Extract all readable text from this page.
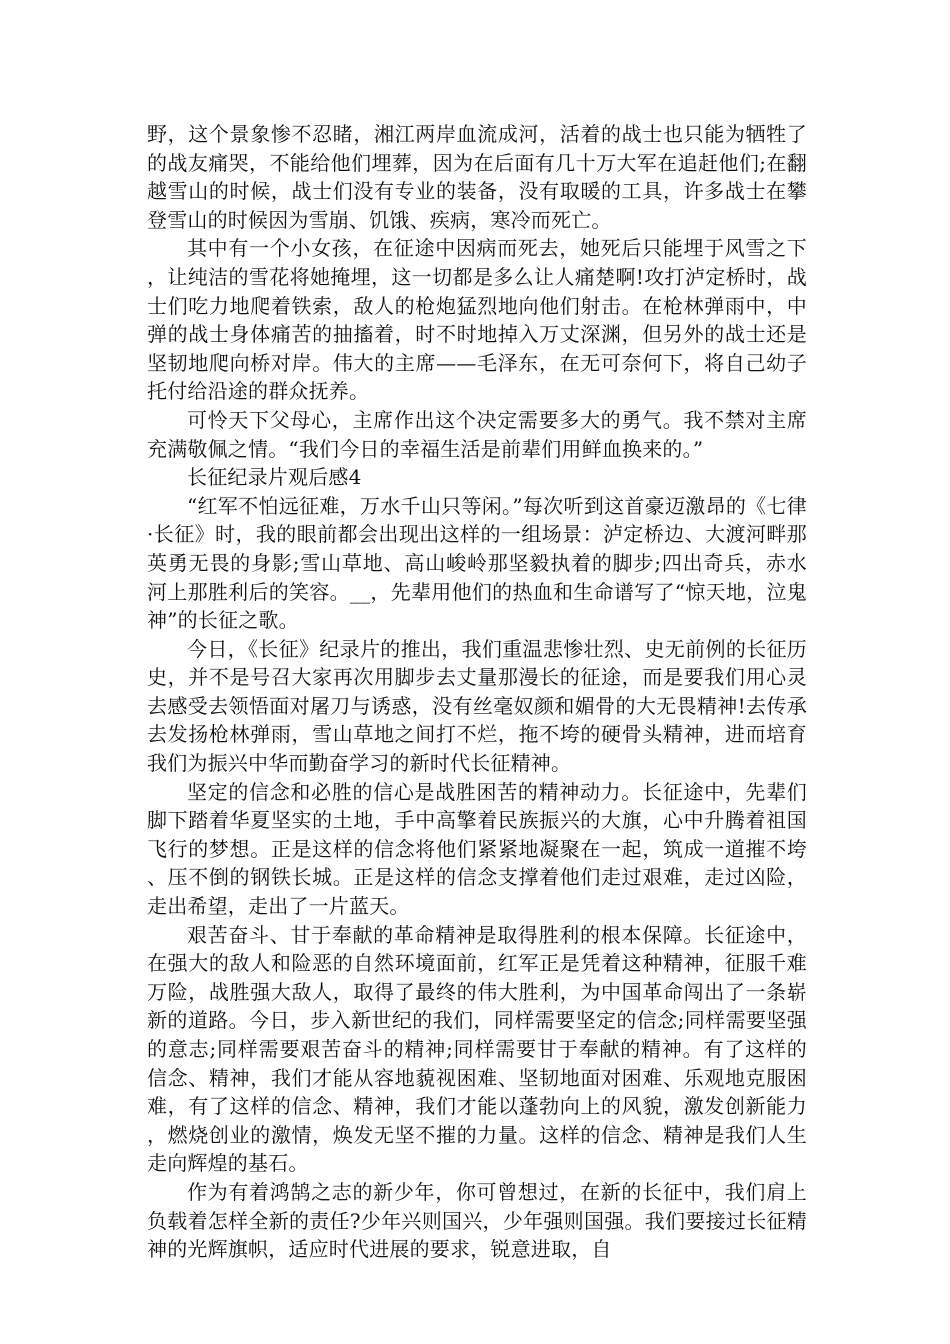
野，这个景象惨不忍睹，湘江两岸血流成河，活着的战士也只能为牺牲了的战友痛哭，不能给他们埋葬，因为在后面有几十万大军在追赶他们;在翻越雪山的时候，战士们没有专业的装备，没有取暖的工具，许多战士在攀登雪山的时候因为雪崩、饥饿、疾病，寒冷而死亡。

其中有一个小女孩，在征途中因病而死去，她死后只能埋于风雪之下，让纯洁的雪花将她掩埋，这一切都是多么让人痛楚啊!攻打泸定桥时，战士们吃力地爬着铁索，敌人的枪炮猛烈地向他们射击。在枪林弹雨中，中弹的战士身体痛苦的抽搐着，时不时地掉入万丈深渊，但另外的战士还是坚韧地爬向桥对岸。伟大的主席——毛泽东，在无可奈何下，将自己幼子托付给沿途的群众抚养。

可怜天下父母心，主席作出这个决定需要多大的勇气。我不禁对主席充满敬佩之情。“我们今日的幸福生活是前辈们用鲜血换来的。”

长征纪录片观后感4

“红军不怕远征难，万水千山只等闲。”每次听到这首豪迈激昂的《七律·长征》时，我的眼前都会出现出这样的一组场景：泸定桥边、大渡河畔那英勇无畏的身影;雪山草地、高山峻岭那坚毅执着的脚步;四出奇兵，赤水河上那胜利后的笑容。__，先辈用他们的热血和生命谱写了“惊天地，泣鬼神”的长征之歌。

今日，《长征》纪录片的推出，我们重温悲惨壮烈、史无前例的长征历史，并不是号召大家再次用脚步去丈量那漫长的征途，而是要我们用心灵去感受去领悟面对屠刀与诱惑，没有丝毫奴颜和媚骨的大无畏精神!去传承去发扬枪林弹雨，雪山草地之间打不烂，拖不垮的硬骨头精神，进而培育我们为振兴中华而勤奋学习的新时代长征精神。

坚定的信念和必胜的信心是战胜困苦的精神动力。长征途中，先辈们脚下踏着华夏坚实的土地，手中高擎着民族振兴的大旗，心中升腾着祖国飞行的梦想。正是这样的信念将他们紧紧地凝聚在一起，筑成一道摧不垮、压不倒的钢铁长城。正是这样的信念支撑着他们走过艰难，走过凶险，走出希望，走出了一片蓝天。

艰苦奋斗、甘于奉献的革命精神是取得胜利的根本保障。长征途中，在强大的敌人和险恶的自然环境面前，红军正是凭着这种精神，征服千难万险，战胜强大敌人，取得了最终的伟大胜利，为中国革命闯出了一条崭新的道路。今日，步入新世纪的我们，同样需要坚定的信念;同样需要坚强的意志;同样需要艰苦奋斗的精神;同样需要甘于奉献的精神。有了这样的信念、精神，我们才能从容地藐视困难、坚韧地面对困难、乐观地克服困难，有了这样的信念、精神，我们才能以蓬勃向上的风貌，激发创新能力，燃烧创业的激情，焕发无坚不摧的力量。这样的信念、精神是我们人生走向辉煌的基石。

作为有着鸿鹄之志的新少年，你可曾想过，在新的长征中，我们肩上负载着怎样全新的责任?少年兴则国兴，少年强则国强。我们要接过长征精神的光辉旗帜，适应时代进展的要求，锐意进取，自
